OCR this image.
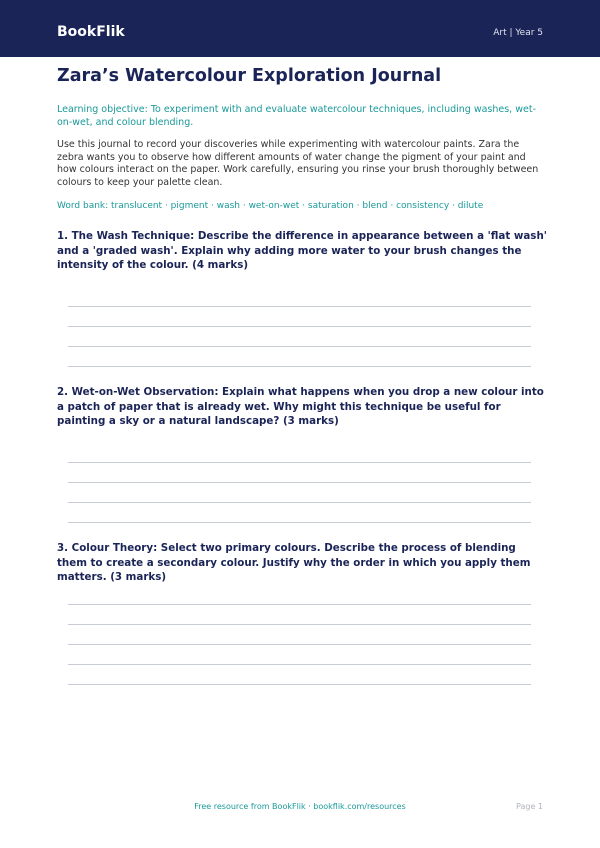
BookFlik	Art | Year 5
Zara’s Watercolour Exploration Journal

Learning objective: To experiment with and evaluate watercolour techniques, including washes, wet-on-wet, and colour blending.

Use this journal to record your discoveries while experimenting with watercolour paints. Zara the zebra wants you to observe how different amounts of water change the pigment of your paint and how colours interact on the paper. Work carefully, ensuring you rinse your brush thoroughly between colours to keep your palette clean.

Word bank: translucent · pigment · wash · wet-on-wet · saturation · blend · consistency · dilute

1. The Wash Technique: Describe the difference in appearance between a 'flat wash' and a 'graded wash'. Explain why adding more water to your brush changes the intensity of the colour. (4 marks)

2. Wet-on-Wet Observation: Explain what happens when you drop a new colour into a patch of paper that is already wet. Why might this technique be useful for painting a sky or a natural landscape? (3 marks)

3. Colour Theory: Select two primary colours. Describe the process of blending them to create a secondary colour. Justify why the order in which you apply them matters. (3 marks)

Free resource from BookFlik · bookflik.com/resources	Page 1
